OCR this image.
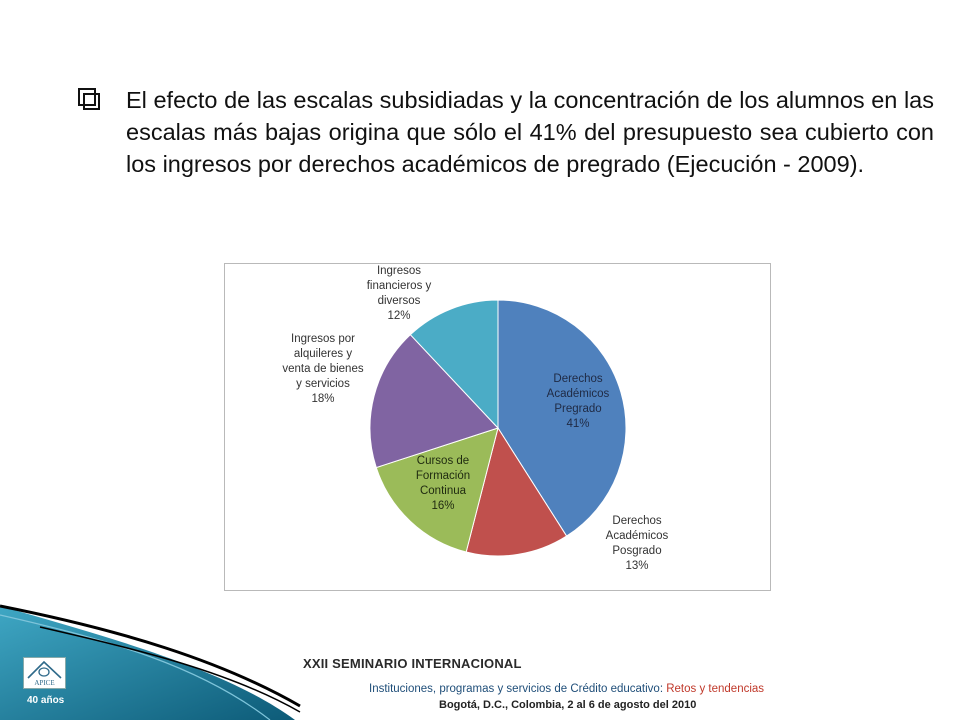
El efecto de las escalas subsidiadas y la concentración de los alumnos en las escalas más bajas origina que sólo el 41% del presupuesto sea cubierto con los ingresos por derechos académicos de pregrado (Ejecución - 2009).
Derechos Académicos Pregrado 41%
Derechos Académicos Posgrado 13%
Cursos de Formación Continua 16%
Ingresos por alquileres y venta de bienes y servicios 18%
Ingresos financieros y diversos 12%
APICE
40 años
XXII SEMINARIO INTERNACIONAL
Instituciones, programas y servicios de Crédito educativo: Retos y tendencias
Bogotá, D.C., Colombia, 2 al 6 de agosto del 2010
